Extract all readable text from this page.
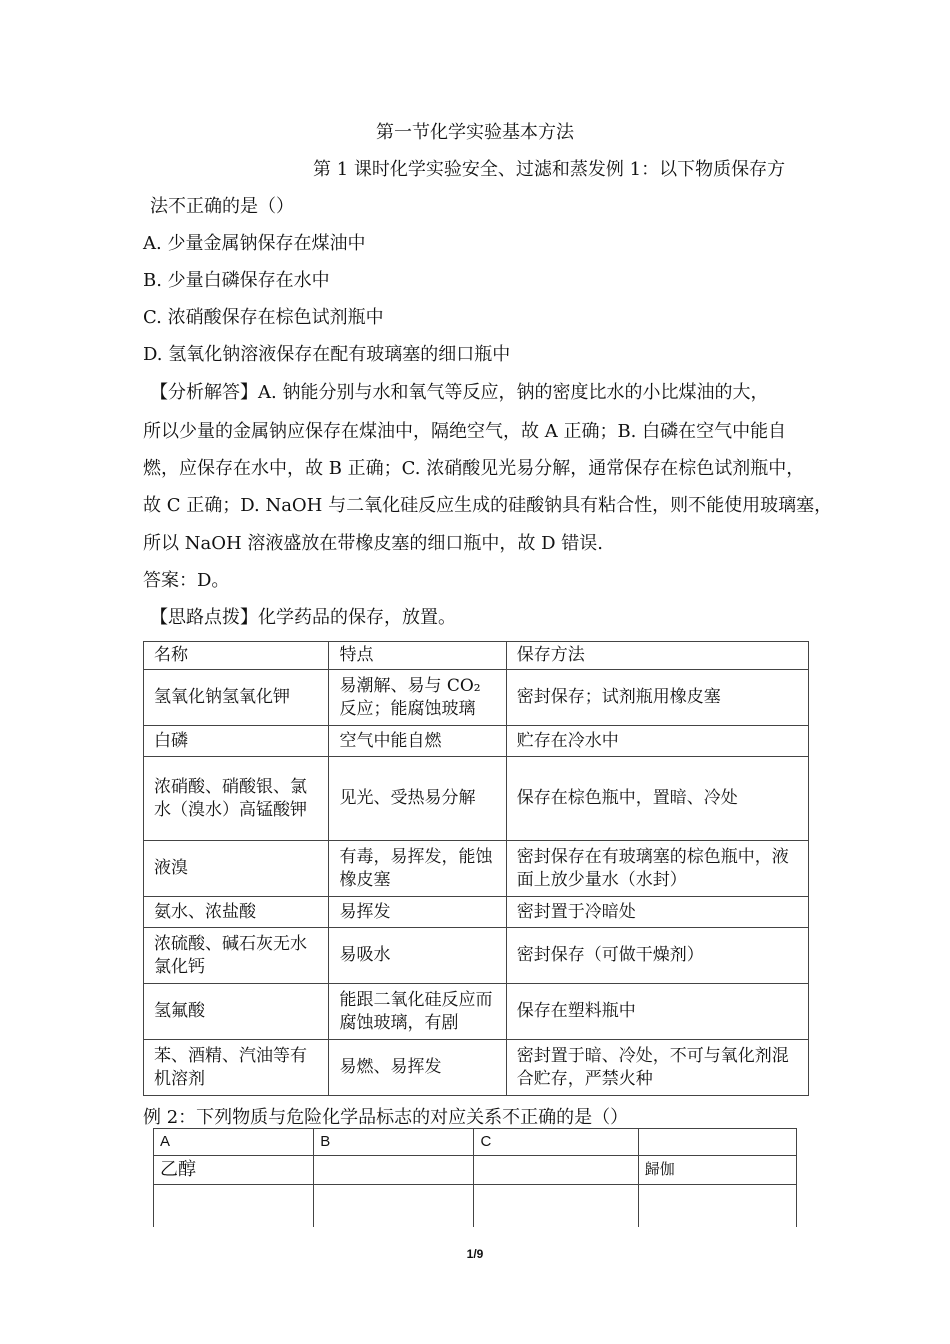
第一节化学实验基本方法
第 1 课时化学实验安全、过滤和蒸发例 1：以下物质保存方
法不正确的是（）
A. 少量金属钠保存在煤油中
B. 少量白磷保存在水中
C. 浓硝酸保存在棕色试剂瓶中
D. 氢氧化钠溶液保存在配有玻璃塞的细口瓶中
【分析解答】A. 钠能分别与水和氧气等反应，钠的密度比水的小比煤油的大，
所以少量的金属钠应保存在煤油中，隔绝空气，故 A 正确；B. 白磷在空气中能自
燃，应保存在水中，故 B 正确；C. 浓硝酸见光易分解，通常保存在棕色试剂瓶中，
故 C 正确；D. NaOH 与二氧化硅反应生成的硅酸钠具有粘合性，则不能使用玻璃塞，
所以 NaOH 溶液盛放在带橡皮塞的细口瓶中，故 D 错误.
答案：D。
【思路点拨】化学药品的保存，放置。
名称	特点	保存方法
氢氧化钠氢氧化钾	易潮解、易与 CO₂ 反应；能腐蚀玻璃	密封保存；试剂瓶用橡皮塞
白磷	空气中能自燃	贮存在冷水中
浓硝酸、硝酸银、氯水（溴水）高锰酸钾	见光、受热易分解	保存在棕色瓶中，置暗、冷处
液溴	有毒，易挥发，能蚀橡皮塞	密封保存在有玻璃塞的棕色瓶中，液面上放少量水（水封）
氨水、浓盐酸	易挥发	密封置于冷暗处
浓硫酸、碱石灰无水氯化钙	易吸水	密封保存（可做干燥剂）
氢氟酸	能跟二氧化硅反应而腐蚀玻璃，有剧	保存在塑料瓶中
苯、酒精、汽油等有机溶剂	易燃、易挥发	密封置于暗、冷处，不可与氧化剂混合贮存，严禁火种
例 2：下列物质与危险化学品标志的对应关系不正确的是（）
A	B	C	
乙醇			歸伽

1/9
